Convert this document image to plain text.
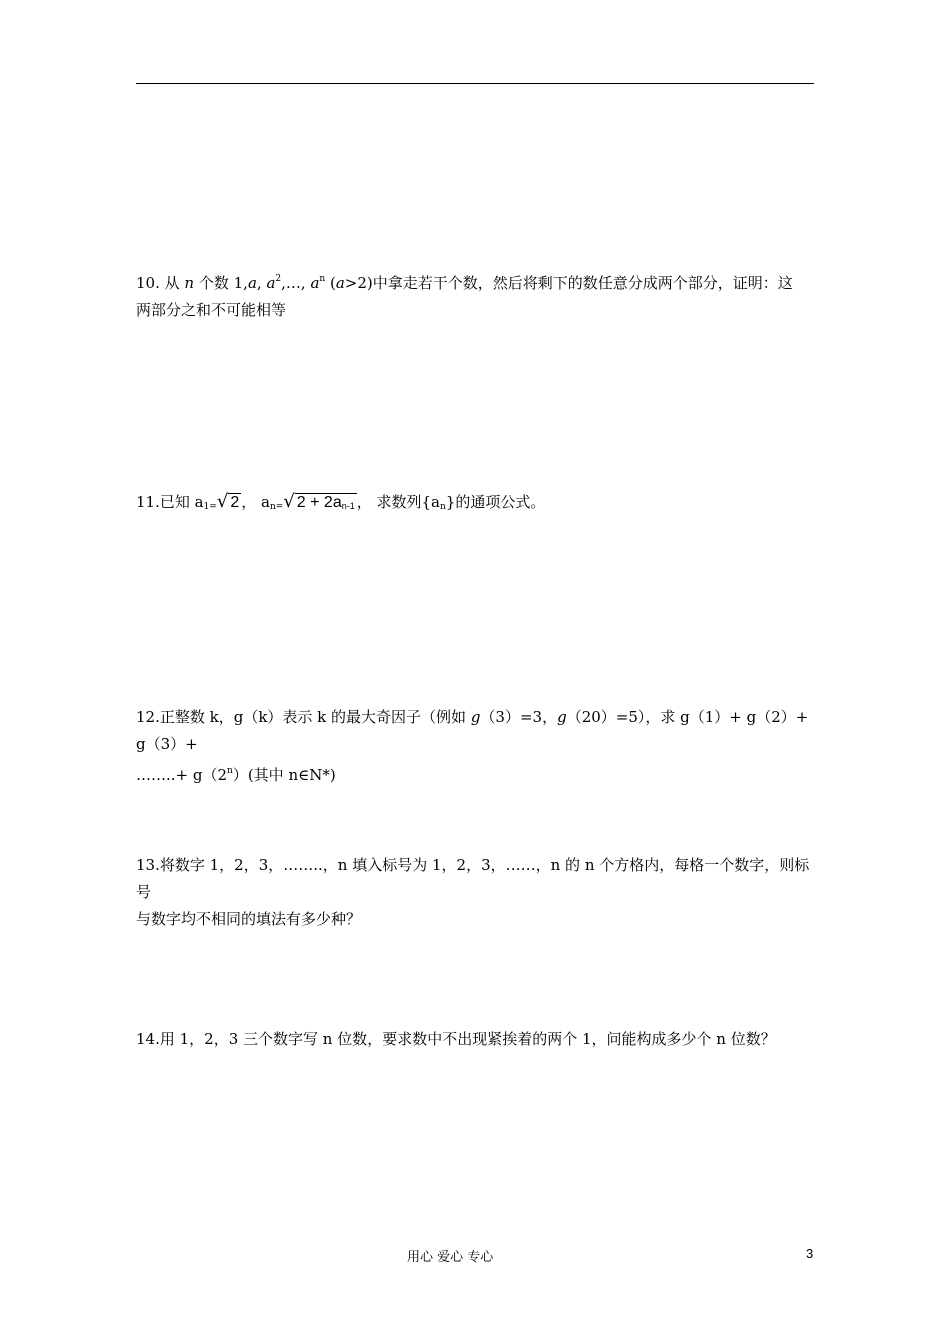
10. 从 n 个数 1,a, $a^2,\dots$, $a^n$ (a>2)中拿走若干个数，然后将剩下的数任意分成两个部分，证明：这
两部分之和不可能相等
11.已知 $a_{1=}√$ 2 ， $a_{n=}√$ $2 + 2a_{n-1}$ ， 求数列$\{a_n\}$的通项公式。
12.正整数 k，g（k）表示 k 的最大奇因子（例如 g（3）=3，g（20）=5），求 g（1）+ g（2）+ g（3）+
……..+ $g(2^n)$(其中 n∈N*)
13.将数字 1，2，3，……..，n 填入标号为 1，2，3，……，n 的 n 个方格内，每格一个数字，则标号
与数字均不相同的填法有多少种？
14.用 1，2，3 三个数字写 n 位数，要求数中不出现紧挨着的两个 1，问能构成多少个 n 位数？
用心 爱心 专心	3
